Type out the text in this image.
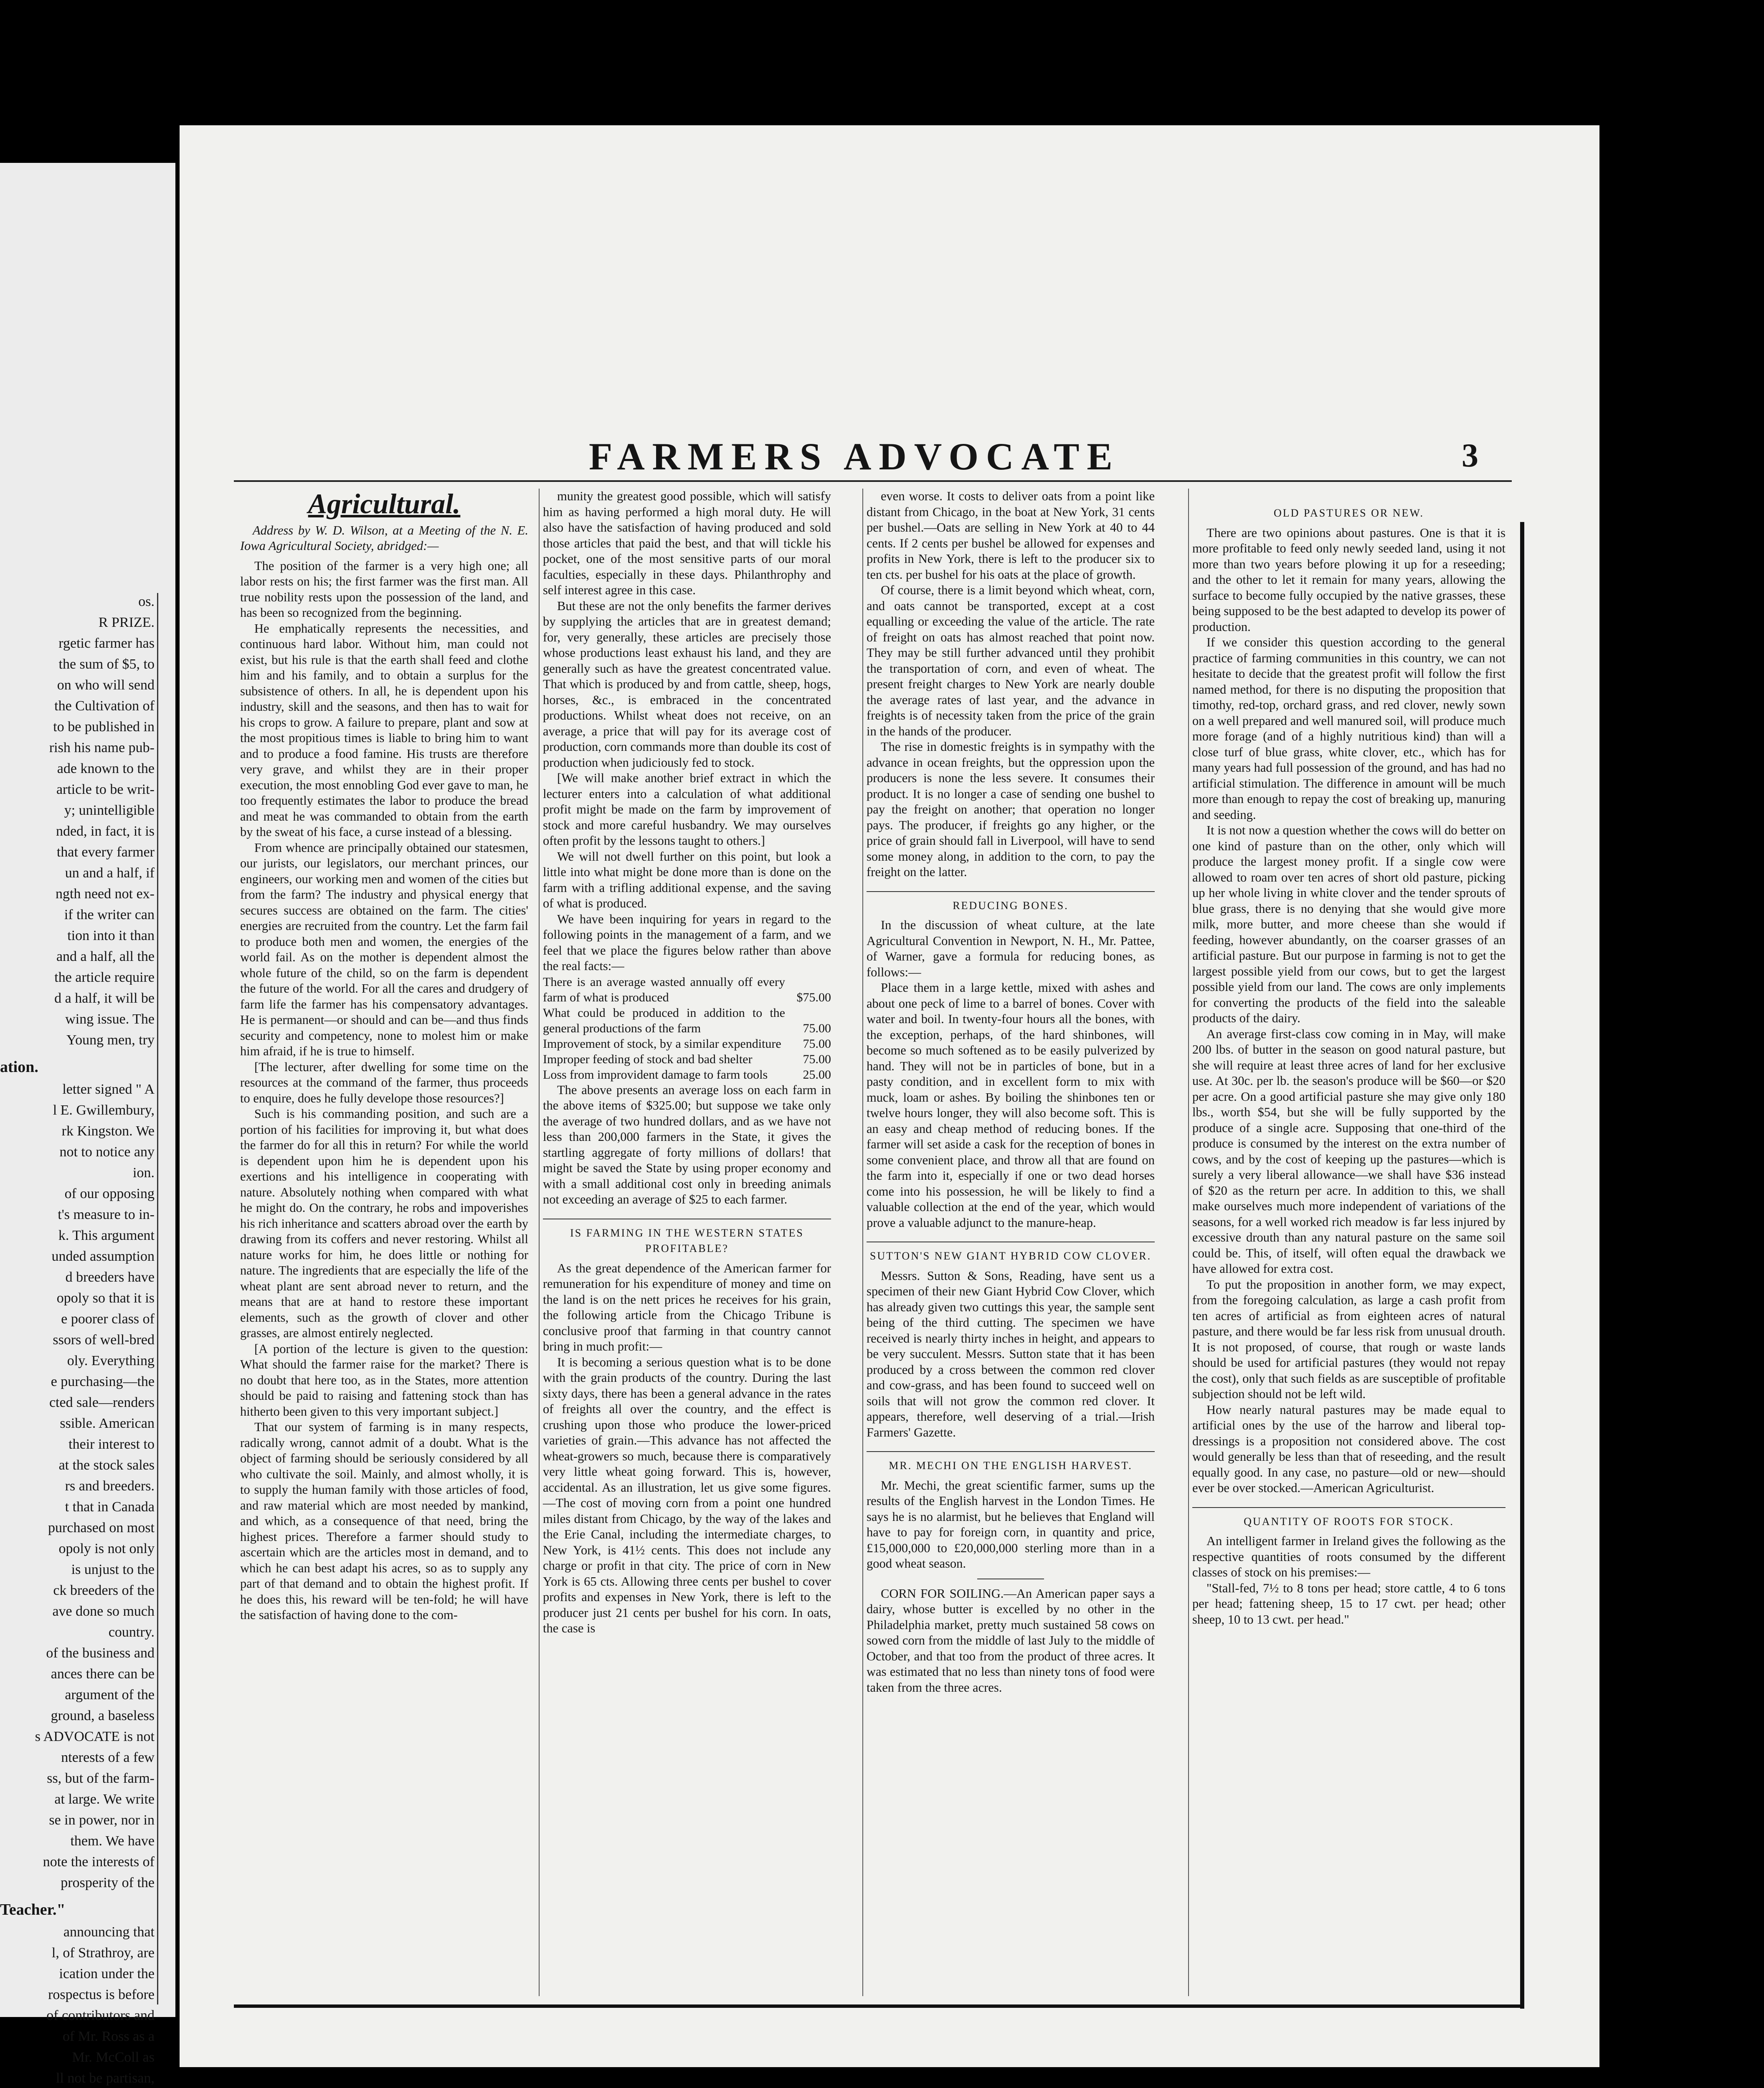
os.

R PRIZE.

rgetic farmer has

the sum of $5, to

on who will send

the Cultivation of

to be published in

rish his name pub-

ade known to the

article to be writ-

y; unintelligible

nded, in fact, it is

that every farmer

un and a half, if

ngth need not ex-

if the writer can

tion into it than

and a half, all the

the article require

d a half, it will be

wing issue. The

Young men, try

ation.

letter signed " A

l E. Gwillembury,

rk Kingston. We

not to notice any

ion.

of our opposing

t's measure to in-

k. This argument

unded assumption

d breeders have

opoly so that it is

e poorer class of

ssors of well-bred

oly. Everything

e purchasing—the

cted sale—renders

ssible. American

their interest to

at the stock sales

rs and breeders.

t that in Canada

purchased on most

opoly is not only

is unjust to the

ck breeders of the

ave done so much

country.

of the business and

ances there can be

argument of the

ground, a baseless

s ADVOCATE is not

nterests of a few

ss, but of the farm-

at large. We write

se in power, nor in

them. We have

note the interests of

prosperity of the

Teacher."

announcing that

l, of Strathroy, are

ication under the

rospectus is before

of contributors and

of Mr. Ross as a

Mr. McColl as

ll not be partisan,

FARMERS ADVOCATE	3
Agricultural.

Address by W. D. Wilson, at a Meeting of the N. E. Iowa Agricultural Society, abridged:—

The position of the farmer is a very high one; all labor rests on his; the first farmer was the first man. All true nobility rests upon the possession of the land, and has been so recognized from the beginning.

He emphatically represents the necessities, and continuous hard labor. Without him, man could not exist, but his rule is that the earth shall feed and clothe him and his family, and to obtain a surplus for the subsistence of others. In all, he is dependent upon his industry, skill and the seasons, and then has to wait for his crops to grow. A failure to prepare, plant and sow at the most propitious times is liable to bring him to want and to produce a food famine. His trusts are therefore very grave, and whilst they are in their proper execution, the most ennobling God ever gave to man, he too frequently estimates the labor to produce the bread and meat he was commanded to obtain from the earth by the sweat of his face, a curse instead of a blessing.

From whence are principally obtained our statesmen, our jurists, our legislators, our merchant princes, our engineers, our working men and women of the cities but from the farm? The industry and physical energy that secures success are obtained on the farm. The cities' energies are recruited from the country. Let the farm fail to produce both men and women, the energies of the world fail. As on the mother is dependent almost the whole future of the child, so on the farm is dependent the future of the world. For all the cares and drudgery of farm life the farmer has his compensatory advantages. He is permanent—or should and can be—and thus finds security and competency, none to molest him or make him afraid, if he is true to himself.

[The lecturer, after dwelling for some time on the resources at the command of the farmer, thus proceeds to enquire, does he fully develope those resources?]

Such is his commanding position, and such are a portion of his facilities for improving it, but what does the farmer do for all this in return? For while the world is dependent upon him he is dependent upon his exertions and his intelligence in cooperating with nature. Absolutely nothing when compared with what he might do. On the contrary, he robs and impoverishes his rich inheritance and scatters abroad over the earth by drawing from its coffers and never restoring. Whilst all nature works for him, he does little or nothing for nature. The ingredients that are especially the life of the wheat plant are sent abroad never to return, and the means that are at hand to restore these important elements, such as the growth of clover and other grasses, are almost entirely neglected.

[A portion of the lecture is given to the question: What should the farmer raise for the market? There is no doubt that here too, as in the States, more attention should be paid to raising and fattening stock than has hitherto been given to this very important subject.]

That our system of farming is in many respects, radically wrong, cannot admit of a doubt. What is the object of farming should be seriously considered by all who cultivate the soil. Mainly, and almost wholly, it is to supply the human family with those articles of food, and raw material which are most needed by mankind, and which, as a consequence of that need, bring the highest prices. Therefore a farmer should study to ascertain which are the articles most in demand, and to which he can best adapt his acres, so as to supply any part of that demand and to obtain the highest profit. If he does this, his reward will be ten-fold; he will have the satisfaction of having done to the com-

munity the greatest good possible, which will satisfy him as having performed a high moral duty. He will also have the satisfaction of having produced and sold those articles that paid the best, and that will tickle his pocket, one of the most sensitive parts of our moral faculties, especially in these days. Philanthrophy and self interest agree in this case.

But these are not the only benefits the farmer derives by supplying the articles that are in greatest demand; for, very generally, these articles are precisely those whose productions least exhaust his land, and they are generally such as have the greatest concentrated value. That which is produced by and from cattle, sheep, hogs, horses, &c., is embraced in the concentrated productions. Whilst wheat does not receive, on an average, a price that will pay for its average cost of production, corn commands more than double its cost of production when judiciously fed to stock.

[We will make another brief extract in which the lecturer enters into a calculation of what additional profit might be made on the farm by improvement of stock and more careful husbandry. We may ourselves often profit by the lessons taught to others.]

We will not dwell further on this point, but look a little into what might be done more than is done on the farm with a trifling additional expense, and the saving of what is produced.

We have been inquiring for years in regard to the following points in the management of a farm, and we feel that we place the figures below rather than above the real facts:—

There is an average wasted annually off every farm of what is produced	$75.00
What could be produced in addition to the general productions of the farm	75.00
Improvement of stock, by a similar expenditure	75.00
Improper feeding of stock and bad shelter	75.00
Loss from improvident damage to farm tools	25.00

The above presents an average loss on each farm in the above items of $325.00; but suppose we take only the average of two hundred dollars, and as we have not less than 200,000 farmers in the State, it gives the startling aggregate of forty millions of dollars! that might be saved the State by using proper economy and with a small additional cost only in breeding animals not exceeding an average of $25 to each farmer.

IS FARMING IN THE WESTERN STATES PROFITABLE?

As the great dependence of the American farmer for remuneration for his expenditure of money and time on the land is on the nett prices he receives for his grain, the following article from the Chicago Tribune is conclusive proof that farming in that country cannot bring in much profit:—

It is becoming a serious question what is to be done with the grain products of the country. During the last sixty days, there has been a general advance in the rates of freights all over the country, and the effect is crushing upon those who produce the lower-priced varieties of grain.—This advance has not affected the wheat-growers so much, because there is comparatively very little wheat going forward. This is, however, accidental. As an illustration, let us give some figures.—The cost of moving corn from a point one hundred miles distant from Chicago, by the way of the lakes and the Erie Canal, including the intermediate charges, to New York, is 41½ cents. This does not include any charge or profit in that city. The price of corn in New York is 65 cts. Allowing three cents per bushel to cover profits and expenses in New York, there is left to the producer just 21 cents per bushel for his corn. In oats, the case is

even worse. It costs to deliver oats from a point like distant from Chicago, in the boat at New York, 31 cents per bushel.—Oats are selling in New York at 40 to 44 cents. If 2 cents per bushel be allowed for expenses and profits in New York, there is left to the producer six to ten cts. per bushel for his oats at the place of growth.

Of course, there is a limit beyond which wheat, corn, and oats cannot be transported, except at a cost equalling or exceeding the value of the article. The rate of freight on oats has almost reached that point now. They may be still further advanced until they prohibit the transportation of corn, and even of wheat. The present freight charges to New York are nearly double the average rates of last year, and the advance in freights is of necessity taken from the price of the grain in the hands of the producer.

The rise in domestic freights is in sympathy with the advance in ocean freights, but the oppression upon the producers is none the less severe. It consumes their product. It is no longer a case of sending one bushel to pay the freight on another; that operation no longer pays. The producer, if freights go any higher, or the price of grain should fall in Liverpool, will have to send some money along, in addition to the corn, to pay the freight on the latter.

REDUCING BONES.

In the discussion of wheat culture, at the late Agricultural Convention in Newport, N. H., Mr. Pattee, of Warner, gave a formula for reducing bones, as follows:—

Place them in a large kettle, mixed with ashes and about one peck of lime to a barrel of bones. Cover with water and boil. In twenty-four hours all the bones, with the exception, perhaps, of the hard shinbones, will become so much softened as to be easily pulverized by hand. They will not be in particles of bone, but in a pasty condition, and in excellent form to mix with muck, loam or ashes. By boiling the shinbones ten or twelve hours longer, they will also become soft. This is an easy and cheap method of reducing bones. If the farmer will set aside a cask for the reception of bones in some convenient place, and throw all that are found on the farm into it, especially if one or two dead horses come into his possession, he will be likely to find a valuable collection at the end of the year, which would prove a valuable adjunct to the manure-heap.

SUTTON'S NEW GIANT HYBRID COW CLOVER.

Messrs. Sutton & Sons, Reading, have sent us a specimen of their new Giant Hybrid Cow Clover, which has already given two cuttings this year, the sample sent being of the third cutting. The specimen we have received is nearly thirty inches in height, and appears to be very succulent. Messrs. Sutton state that it has been produced by a cross between the common red clover and cow-grass, and has been found to succeed well on soils that will not grow the common red clover. It appears, therefore, well deserving of a trial.—Irish Farmers' Gazette.

MR. MECHI ON THE ENGLISH HARVEST.

Mr. Mechi, the great scientific farmer, sums up the results of the English harvest in the London Times. He says he is no alarmist, but he believes that England will have to pay for foreign corn, in quantity and price, £15,000,000 to £20,000,000 sterling more than in a good wheat season.

CORN FOR SOILING.—An American paper says a dairy, whose butter is excelled by no other in the Philadelphia market, pretty much sustained 58 cows on sowed corn from the middle of last July to the middle of October, and that too from the product of three acres. It was estimated that no less than ninety tons of food were taken from the three acres.

OLD PASTURES OR NEW.

There are two opinions about pastures. One is that it is more profitable to feed only newly seeded land, using it not more than two years before plowing it up for a reseeding; and the other to let it remain for many years, allowing the surface to become fully occupied by the native grasses, these being supposed to be the best adapted to develop its power of production.

If we consider this question according to the general practice of farming communities in this country, we can not hesitate to decide that the greatest profit will follow the first named method, for there is no disputing the proposition that timothy, red-top, orchard grass, and red clover, newly sown on a well prepared and well manured soil, will produce much more forage (and of a highly nutritious kind) than will a close turf of blue grass, white clover, etc., which has for many years had full possession of the ground, and has had no artificial stimulation. The difference in amount will be much more than enough to repay the cost of breaking up, manuring and seeding.

It is not now a question whether the cows will do better on one kind of pasture than on the other, only which will produce the largest money profit. If a single cow were allowed to roam over ten acres of short old pasture, picking up her whole living in white clover and the tender sprouts of blue grass, there is no denying that she would give more milk, more butter, and more cheese than she would if feeding, however abundantly, on the coarser grasses of an artificial pasture. But our purpose in farming is not to get the largest possible yield from our cows, but to get the largest possible yield from our land. The cows are only implements for converting the products of the field into the saleable products of the dairy.

An average first-class cow coming in in May, will make 200 lbs. of butter in the season on good natural pasture, but she will require at least three acres of land for her exclusive use. At 30c. per lb. the season's produce will be $60—or $20 per acre. On a good artificial pasture she may give only 180 lbs., worth $54, but she will be fully supported by the produce of a single acre. Supposing that one-third of the produce is consumed by the interest on the extra number of cows, and by the cost of keeping up the pastures—which is surely a very liberal allowance—we shall have $36 instead of $20 as the return per acre. In addition to this, we shall make ourselves much more independent of variations of the seasons, for a well worked rich meadow is far less injured by excessive drouth than any natural pasture on the same soil could be. This, of itself, will often equal the drawback we have allowed for extra cost.

To put the proposition in another form, we may expect, from the foregoing calculation, as large a cash profit from ten acres of artificial as from eighteen acres of natural pasture, and there would be far less risk from unusual drouth. It is not proposed, of course, that rough or waste lands should be used for artificial pastures (they would not repay the cost), only that such fields as are susceptible of profitable subjection should not be left wild.

How nearly natural pastures may be made equal to artificial ones by the use of the harrow and liberal top-dressings is a proposition not considered above. The cost would generally be less than that of reseeding, and the result equally good. In any case, no pasture—old or new—should ever be over stocked.—American Agriculturist.

QUANTITY OF ROOTS FOR STOCK.

An intelligent farmer in Ireland gives the following as the respective quantities of roots consumed by the different classes of stock on his premises:—

"Stall-fed, 7½ to 8 tons per head; store cattle, 4 to 6 tons per head; fattening sheep, 15 to 17 cwt. per head; other sheep, 10 to 13 cwt. per head."
